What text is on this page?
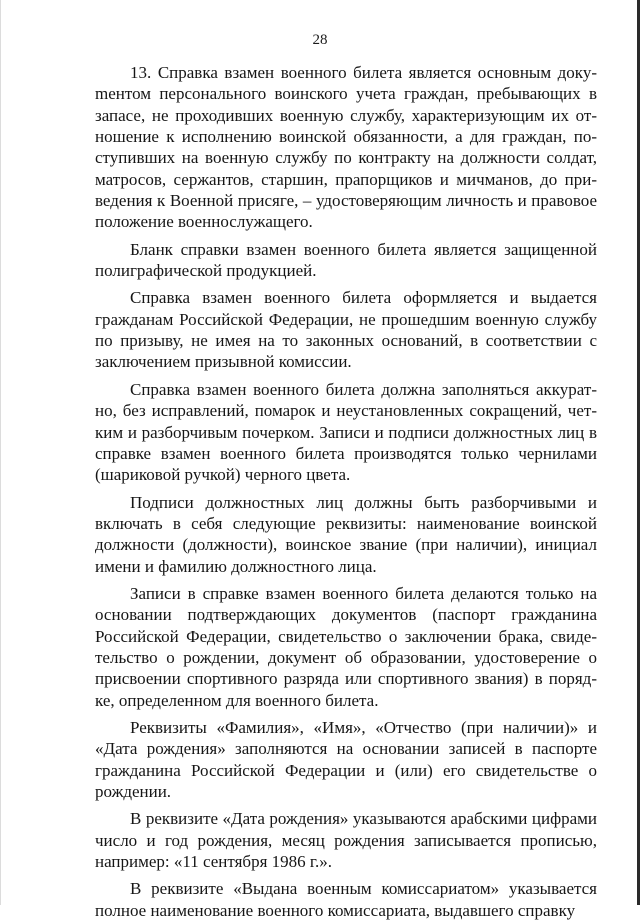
28

13. Справка взамен военного билета является основным докуmентом персонального воинского учета граждан, пребывающих в запасе, не проходивших военную службу, характеризующим их отношение к исполнению воинской обязанности, а для граждан, поступивших на военную службу по контракту на должности солдат, матросов, сержантов, старшин, прапорщиков и мичманов, до приведения к Военной присяге, – удостоверяющим личность и правовое положение военнослужащего.

Бланк справки взамен военного билета является защищенной полиграфической продукцией.

Справка взамен военного билета оформляется и выдается гражданам Российской Федерации, не прошедшим военную службу по призыву, не имея на то законных оснований, в соответствии с заключением призывной комиссии.

Справка взамен военного билета должна заполняться аккуратно, без исправлений, помарок и неустановленных сокращений, четким и разборчивым почерком. Записи и подписи должностных лиц в справке взамен военного билета производятся только чернилами (шариковой ручкой) черного цвета.

Подписи должностных лиц должны быть разборчивыми и включать в себя следующие реквизиты: наименование воинской должности (должности), воинское звание (при наличии), инициал имени и фамилию должностного лица.

Записи в справке взамен военного билета делаются только на основании подтверждающих документов (паспорт гражданина Российской Федерации, свидетельство о заключении брака, свидетельство о рождении, документ об образовании, удостоверение о присвоении спортивного разряда или спортивного звания) в порядке, определенном для военного билета.

Реквизиты «Фамилия», «Имя», «Отчество (при наличии)» и «Дата рождения» заполняются на основании записей в паспорте гражданина Российской Федерации и (или) его свидетельстве о рождении.

В реквизите «Дата рождения» указываются арабскими цифрами число и год рождения, месяц рождения записывается прописью, например: «11 сентября 1986 г.».

В реквизите «Выдана военным комиссариатом» указывается полное наименование военного комиссариата, выдавшего справку
